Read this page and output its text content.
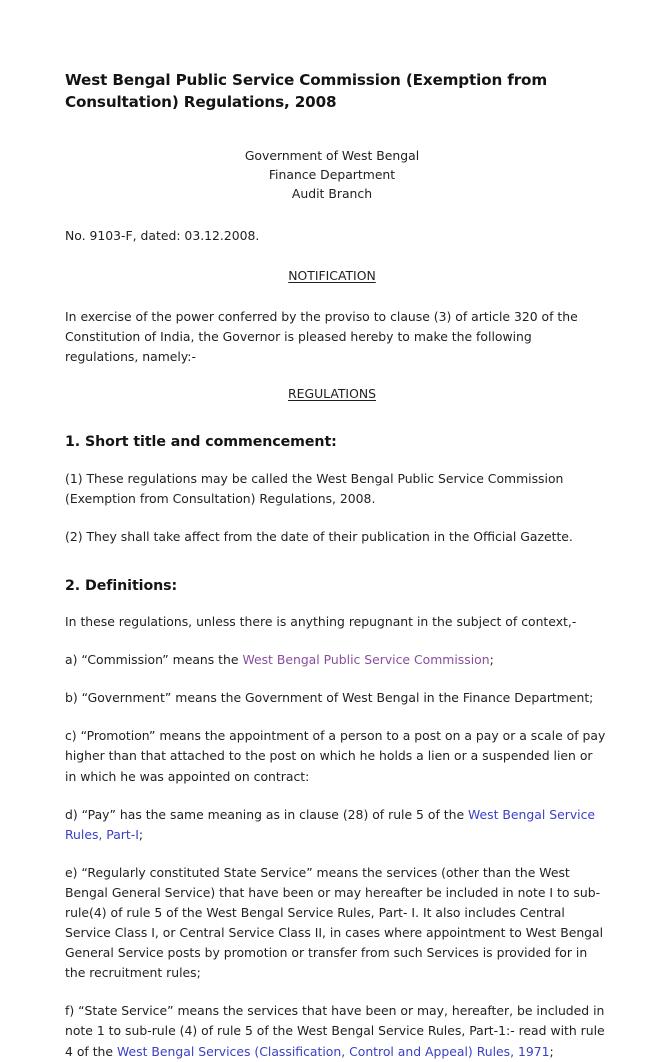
West Bengal Public Service Commission (Exemption from Consultation) Regulations, 2008
Government of West Bengal
Finance Department
Audit Branch

No. 9103-F, dated: 03.12.2008.

NOTIFICATION

In exercise of the power conferred by the proviso to clause (3) of article 320 of the Constitution of India, the Governor is pleased hereby to make the following regulations, namely:-

REGULATIONS
1. Short title and commencement:

(1) These regulations may be called the West Bengal Public Service Commission (Exemption from Consultation) Regulations, 2008.

(2) They shall take affect from the date of their publication in the Official Gazette.

2. Definitions:

In these regulations, unless there is anything repugnant in the subject of context,-

a) “Commission” means the West Bengal Public Service Commission;

b) “Government” means the Government of West Bengal in the Finance Department;

c) “Promotion” means the appointment of a person to a post on a pay or a scale of pay higher than that attached to the post on which he holds a lien or a suspended lien or in which he was appointed on contract:

d) “Pay” has the same meaning as in clause (28) of rule 5 of the West Bengal Service Rules, Part-I;

e) “Regularly constituted State Service” means the services (other than the West Bengal General Service) that have been or may hereafter be included in note I to sub-rule(4) of rule 5 of the West Bengal Service Rules, Part- I. It also includes Central Service Class I, or Central Service Class II, in cases where appointment to West Bengal General Service posts by promotion or transfer from such Services is provided for in the recruitment rules;

f) “State Service” means the services that have been or may, hereafter, be included in note 1 to sub-rule (4) of rule 5 of the West Bengal Service Rules, Part-1:- read with rule 4 of the West Bengal Services (Classification, Control and Appeal) Rules, 1971;
